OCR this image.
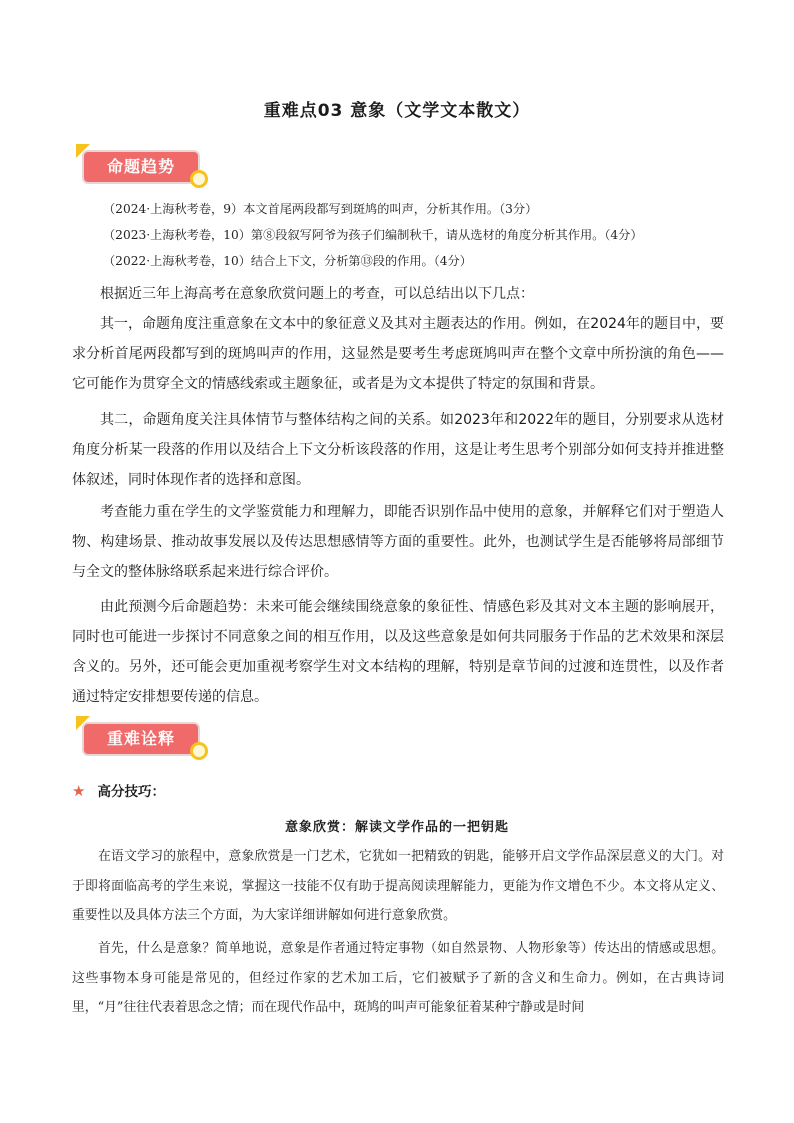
重难点03 意象（文学文本散文）
命题趋势
（2024·上海秋考卷，9）本文首尾两段都写到斑鸠的叫声，分析其作用。（3分）
（2023·上海秋考卷，10）第⑧段叙写阿爷为孩子们编制秋千，请从选材的角度分析其作用。（4分）
（2022·上海秋考卷，10）结合上下文，分析第⑬段的作用。（4分）
根据近三年上海高考在意象欣赏问题上的考查，可以总结出以下几点：
其一，命题角度注重意象在文本中的象征意义及其对主题表达的作用。例如，在2024年的题目中，要求分析首尾两段都写到的斑鸠叫声的作用，这显然是要考生考虑斑鸠叫声在整个文章中所扮演的角色——它可能作为贯穿全文的情感线索或主题象征，或者是为文本提供了特定的氛围和背景。
其二，命题角度关注具体情节与整体结构之间的关系。如2023年和2022年的题目，分别要求从选材角度分析某一段落的作用以及结合上下文分析该段落的作用，这是让考生思考个别部分如何支持并推进整体叙述，同时体现作者的选择和意图。
考查能力重在学生的文学鉴赏能力和理解力，即能否识别作品中使用的意象，并解释它们对于塑造人物、构建场景、推动故事发展以及传达思想感情等方面的重要性。此外，也测试学生是否能够将局部细节与全文的整体脉络联系起来进行综合评价。
由此预测今后命题趋势：未来可能会继续围绕意象的象征性、情感色彩及其对文本主题的影响展开，同时也可能进一步探讨不同意象之间的相互作用，以及这些意象是如何共同服务于作品的艺术效果和深层含义的。另外，还可能会更加重视考察学生对文本结构的理解，特别是章节间的过渡和连贯性，以及作者通过特定安排想要传递的信息。
重难诠释
★ 高分技巧：
意象欣赏：解读文学作品的一把钥匙
在语文学习的旅程中，意象欣赏是一门艺术，它犹如一把精致的钥匙，能够开启文学作品深层意义的大门。对于即将面临高考的学生来说，掌握这一技能不仅有助于提高阅读理解能力，更能为作文增色不少。本文将从定义、重要性以及具体方法三个方面，为大家详细讲解如何进行意象欣赏。
首先，什么是意象？简单地说，意象是作者通过特定事物（如自然景物、人物形象等）传达出的情感或思想。这些事物本身可能是常见的，但经过作家的艺术加工后，它们被赋予了新的含义和生命力。例如，在古典诗词里，“月”往往代表着思念之情；而在现代作品中，斑鸠的叫声可能象征着某种宁静或是时间
